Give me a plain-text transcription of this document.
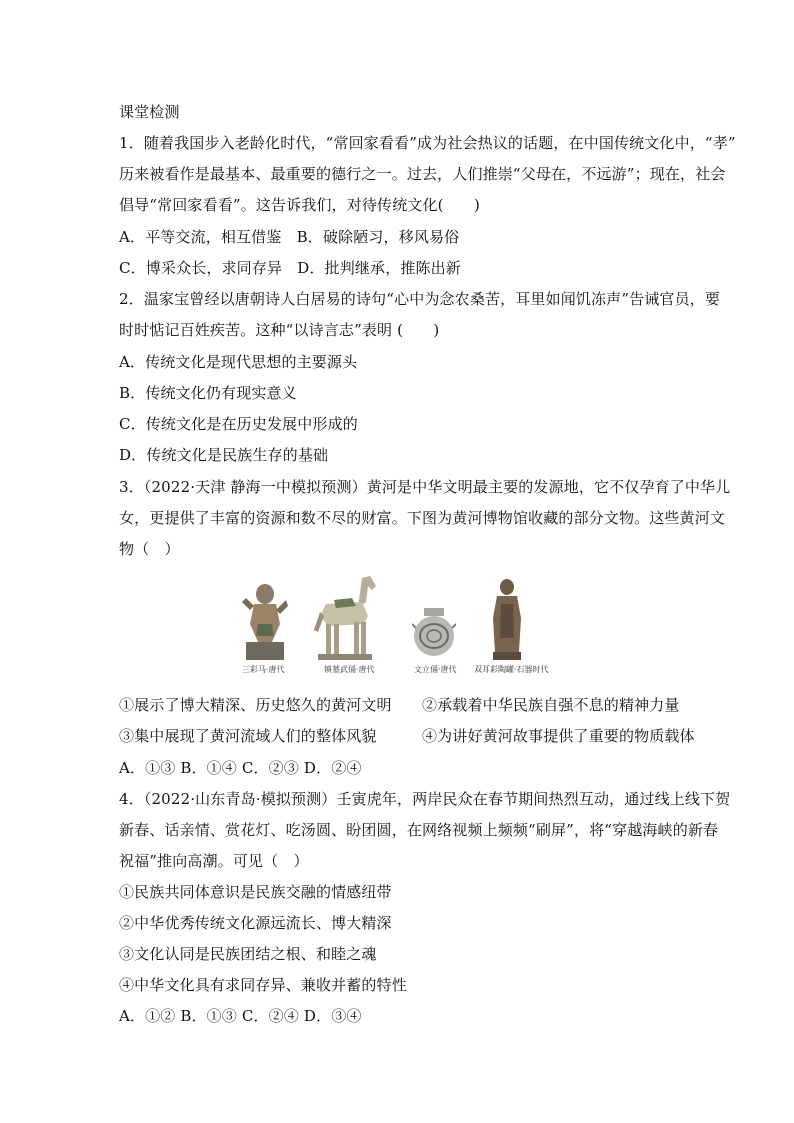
课堂检测
1．随着我国步入老龄化时代，“常回家看看”成为社会热议的话题，在中国传统文化中，“孝”
历来被看作是最基本、最重要的德行之一。过去，人们推崇“父母在，不远游”；现在，社会
倡导“常回家看看”。这告诉我们，对待传统文化(　　)
A．平等交流，相互借鉴　B．破除陋习，移风易俗
C．博采众长，求同存异　D．批判继承，推陈出新
2．温家宝曾经以唐朝诗人白居易的诗句“心中为念农桑苦，耳里如闻饥冻声”告诫官员，要
时时惦记百姓疾苦。这种“以诗言志”表明 (　　)
A．传统文化是现代思想的主要源头
B．传统文化仍有现实意义
C．传统文化是在历史发展中形成的
D．传统文化是民族生存的基础
3．（2022·天津 静海一中模拟预测）黄河是中华文明最主要的发源地，它不仅孕育了中华儿
女，更提供了丰富的资源和数不尽的财富。下图为黄河博物馆收藏的部分文物。这些黄河文
物（　）
三彩马·唐代	镇墓武俑·唐代	文立俑·唐代 双耳彩陶罐·石器时代
①展示了博大精深、历史悠久的黄河文明　　②承载着中华民族自强不息的精神力量
③集中展现了黄河流域人们的整体风貌　　　④为讲好黄河故事提供了重要的物质载体
A．①③ B．①④ C．②③ D．②④
4．（2022·山东青岛·模拟预测）壬寅虎年，两岸民众在春节期间热烈互动，通过线上线下贺
新春、话亲情、赏花灯、吃汤圆、盼团圆，在网络视频上频频“刷屏”，将“穿越海峡的新春
祝福”推向高潮。可见（　）
①民族共同体意识是民族交融的情感纽带
②中华优秀传统文化源远流长、博大精深
③文化认同是民族团结之根、和睦之魂
④中华文化具有求同存异、兼收并蓄的特性
A．①② B．①③ C．②④ D．③④
